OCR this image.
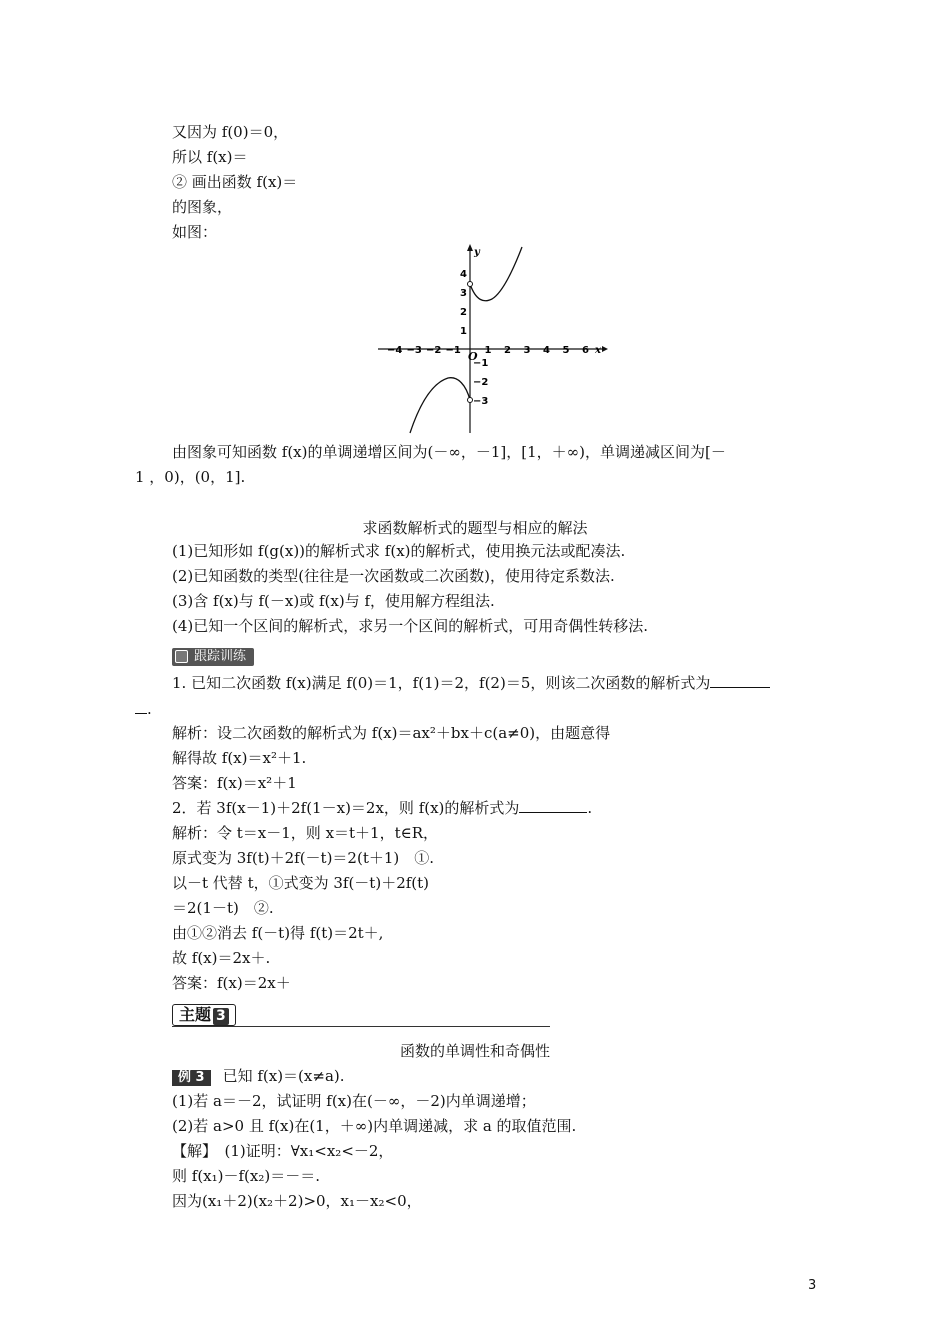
又因为 f(0)＝0，
所以 f(x)＝
② 画出函数 f(x)＝
的图象，
如图：
x
y
O
−4 −3 −2 −1 1 2 3 4 5 6
4
3
2
1
−1
−2
−3
由图象可知函数 f(x)的单调递增区间为(－∞，－1]，[1，＋∞)，单调递减区间为[－
1 ，0)，(0，1].
求函数解析式的题型与相应的解法
(1)已知形如 f(g(x))的解析式求 f(x)的解析式，使用换元法或配凑法.
(2)已知函数的类型(往往是一次函数或二次函数)，使用待定系数法.
(3)含 f(x)与 f(－x)或 f(x)与 f，使用解方程组法.
(4)已知一个区间的解析式，求另一个区间的解析式，可用奇偶性转移法.
跟踪训练
1. 已知二次函数 f(x)满足 f(0)＝1，f(1)＝2，f(2)＝5，则该二次函数的解析式为
.
解析：设二次函数的解析式为 f(x)＝ax²＋bx＋c(a≠0)，由题意得
解得故 f(x)＝x²＋1.
答案：f(x)＝x²＋1
2．若 3f(x－1)＋2f(1－x)＝2x，则 f(x)的解析式为	.
解析：令 t＝x－1，则 x＝t＋1，t∈R，
原式变为 3f(t)＋2f(－t)＝2(t＋1)　①.
以－t 代替 t，①式变为 3f(－t)＋2f(t)
＝2(1－t)　②.
由①②消去 f(－t)得 f(t)＝2t＋,
故 f(x)＝2x＋.
答案：f(x)＝2x＋
主题 3
函数的单调性和奇偶性
例 3 已知 f(x)＝(x≠a).
(1)若 a＝－2，试证明 f(x)在(－∞，－2)内单调递增；
(2)若 a>0 且 f(x)在(1，＋∞)内单调递减，求 a 的取值范围.
【解】　(1)证明：∀x₁<x₂<－2，
则 f(x₁)－f(x₂)＝－＝.
因为(x₁＋2)(x₂＋2)>0，x₁－x₂<0，
3
